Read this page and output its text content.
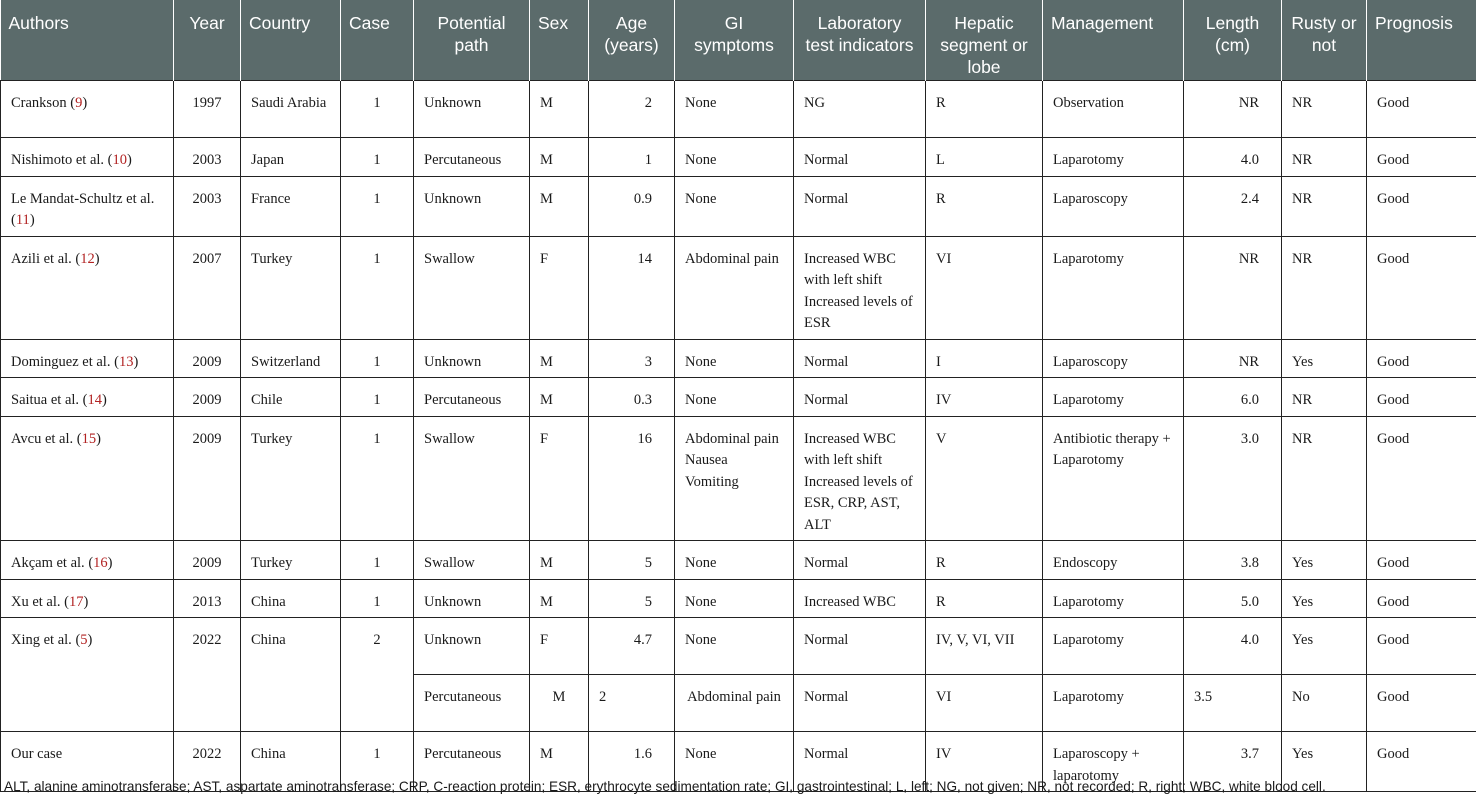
Authors	Year	Country	Case	Potential path	Sex	Age (years)	GI symptoms	Laboratory test indicators	Hepatic segment or lobe	Management	Length (cm)	Rusty or not	Prognosis
Crankson (9)	1997	Saudi Arabia	1	Unknown	M	2	None	NG	R	Observation	NR	NR	Good
Nishimoto et al. (10)	2003	Japan	1	Percutaneous	M	1	None	Normal	L	Laparotomy	4.0	NR	Good
Le Mandat-Schultz et al. (11)	2003	France	1	Unknown	M	0.9	None	Normal	R	Laparoscopy	2.4	NR	Good
Azili et al. (12)	2007	Turkey	1	Swallow	F	14	Abdominal pain	Increased WBC with left shift Increased levels of ESR	VI	Laparotomy	NR	NR	Good
Dominguez et al. (13)	2009	Switzerland	1	Unknown	M	3	None	Normal	I	Laparoscopy	NR	Yes	Good
Saitua et al. (14)	2009	Chile	1	Percutaneous	M	0.3	None	Normal	IV	Laparotomy	6.0	NR	Good
Avcu et al. (15)	2009	Turkey	1	Swallow	F	16	Abdominal pain Nausea Vomiting	Increased WBC with left shift Increased levels of ESR, CRP, AST, ALT	V	Antibiotic therapy + Laparotomy	3.0	NR	Good
Akçam et al. (16)	2009	Turkey	1	Swallow	M	5	None	Normal	R	Endoscopy	3.8	Yes	Good
Xu et al. (17)	2013	China	1	Unknown	M	5	None	Increased WBC	R	Laparotomy	5.0	Yes	Good
Xing et al. (5)	2022	China	2	Unknown	F	4.7	None	Normal	IV, V, VI, VII	Laparotomy	4.0	Yes	Good
				Percutaneous	M	2	Abdominal pain	Normal	VI	Laparotomy	3.5	No	Good
Our case	2022	China	1	Percutaneous	M	1.6	None	Normal	IV	Laparoscopy + laparotomy	3.7	Yes	Good
ALT, alanine aminotransferase; AST, aspartate aminotransferase; CRP, C-reaction protein; ESR, erythrocyte sedimentation rate; GI, gastrointestinal; L, left; NG, not given; NR, not recorded; R, right; WBC, white blood cell.
